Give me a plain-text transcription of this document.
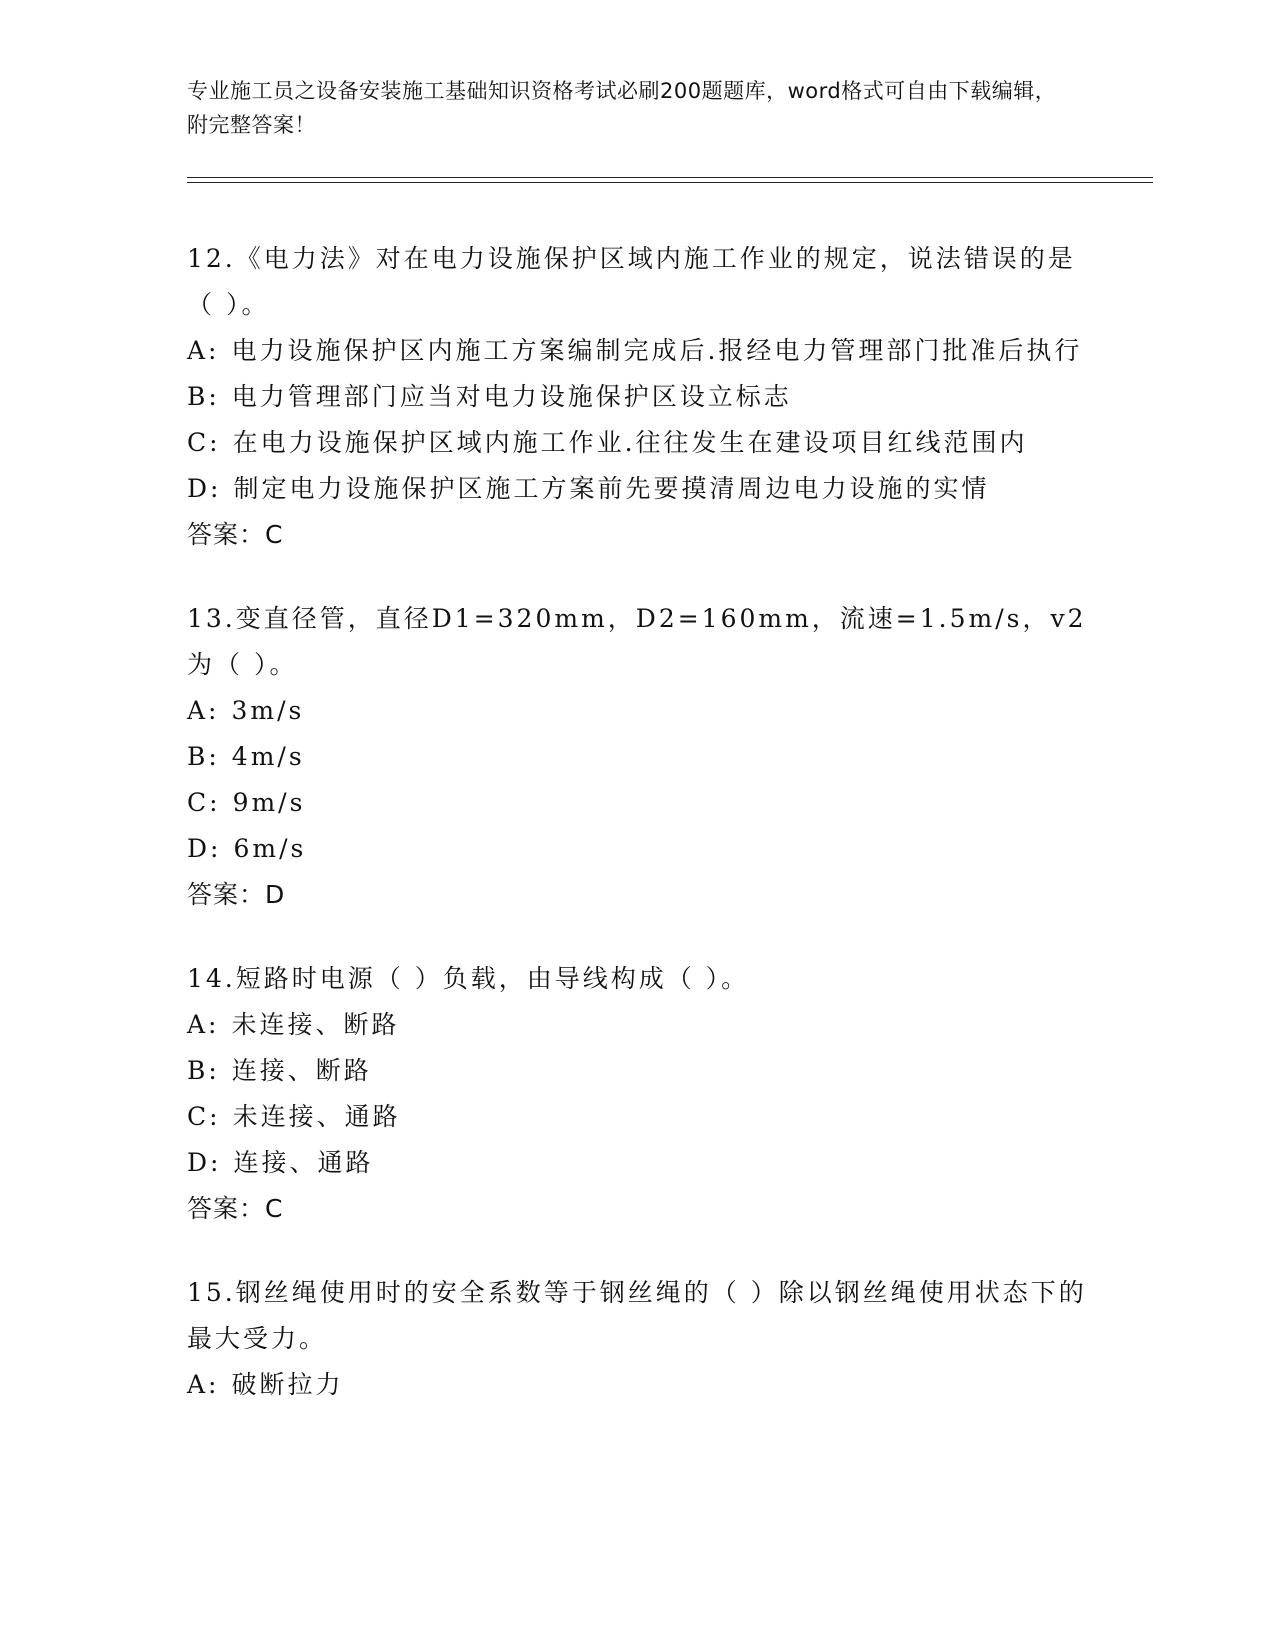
专业施工员之设备安装施工基础知识资格考试必刷200题题库，word格式可自由下载编辑，附完整答案！
12.《电力法》对在电力设施保护区域内施工作业的规定，说法错误的是（ ）。
A: 电力设施保护区内施工方案编制完成后.报经电力管理部门批准后执行
B: 电力管理部门应当对电力设施保护区设立标志
C: 在电力设施保护区域内施工作业.往往发生在建设项目红线范围内
D: 制定电力设施保护区施工方案前先要摸清周边电力设施的实情
答案：C
13.变直径管，直径D1=320mm，D2=160mm，流速=1.5m/s，v2为（ ）。
A: 3m/s
B: 4m/s
C: 9m/s
D: 6m/s
答案：D
14.短路时电源（ ）负载，由导线构成（ ）。
A: 未连接、断路
B: 连接、断路
C: 未连接、通路
D: 连接、通路
答案：C
15.钢丝绳使用时的安全系数等于钢丝绳的（ ）除以钢丝绳使用状态下的最大受力。
A: 破断拉力
